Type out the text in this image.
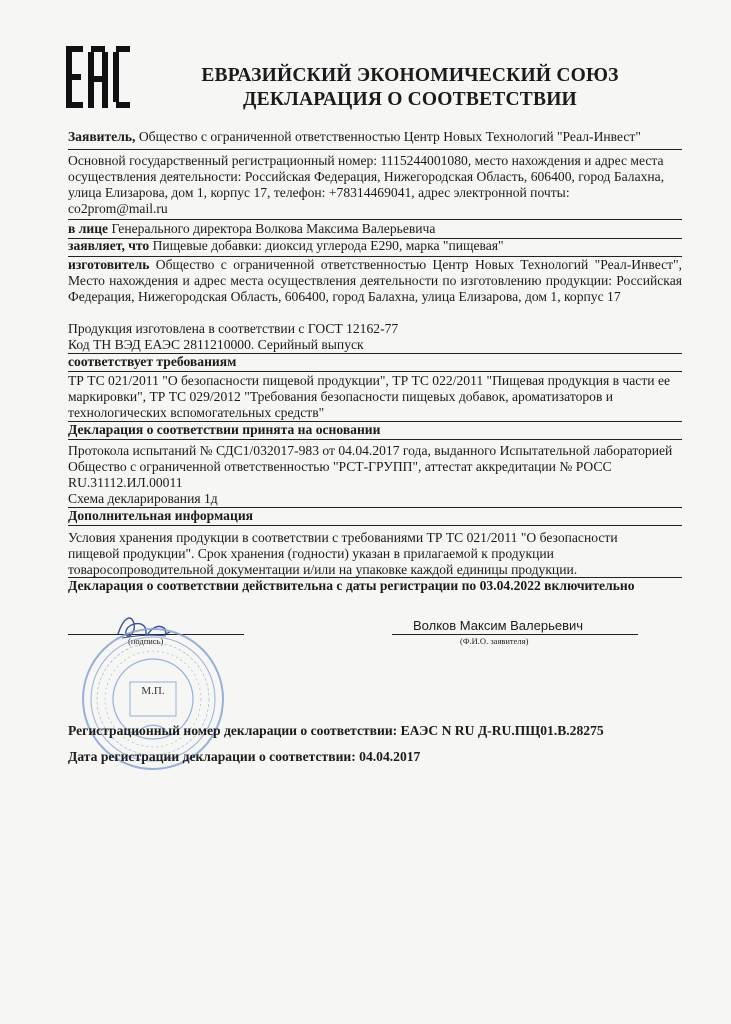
ЕВРАЗИЙСКИЙ ЭКОНОМИЧЕСКИЙ СОЮЗ
ДЕКЛАРАЦИЯ О СООТВЕТСТВИИ
Заявитель, Общество с ограниченной ответственностью Центр Новых Технологий "Реал-Инвест"
Основной государственный регистрационный номер: 1115244001080, место нахождения и адрес места
осуществления деятельности: Российская Федерация, Нижегородская Область, 606400, город Балахна,
улица Елизарова, дом 1, корпус 17, телефон: +78314469041, адрес электронной почты:
co2prom@mail.ru
в лице Генерального директора Волкова Максима Валерьевича
заявляет, что Пищевые добавки: диоксид углерода Е290, марка "пищевая"
изготовитель Общество с ограниченной ответственностью Центр Новых Технологий "Реал-Инвест", Место нахождения и адрес места осуществления деятельности по изготовлению продукции: Российская Федерация, Нижегородская Область, 606400, город Балахна, улица Елизарова, дом 1, корпус 17
Продукция изготовлена в соответствии с ГОСТ 12162-77
Код ТН ВЭД ЕАЭС 2811210000. Серийный выпуск
соответствует требованиям
ТР ТС 021/2011 "О безопасности пищевой продукции", ТР ТС 022/2011 "Пищевая продукция в части ее маркировки", ТР ТС 029/2012 "Требования безопасности пищевых добавок, ароматизаторов и технологических вспомогательных средств"
Декларация о соответствии принята на основании
Протокола испытаний № СДС1/032017-983 от 04.04.2017 года, выданного Испытательной лабораторией Общество с ограниченной ответственностью "РСТ-ГРУПП", аттестат аккредитации № РОСС RU.31112.ИЛ.00011
Схема декларирования 1д
Дополнительная информация
Условия хранения продукции в соответствии с требованиями ТР ТС 021/2011 "О безопасности пищевой продукции". Срок хранения (годности) указан в прилагаемой к продукции товаросопроводительной документации и/или на упаковке каждой единицы продукции.
Декларация о соответствии действительна с даты регистрации по 03.04.2022 включительно
(подпись)
Волков Максим Валерьевич
(Ф.И.О. заявителя)
М.П.
Регистрационный номер декларации о соответствии: ЕАЭС N RU Д-RU.ПЩ01.В.28275
Дата регистрации декларации о соответствии: 04.04.2017
